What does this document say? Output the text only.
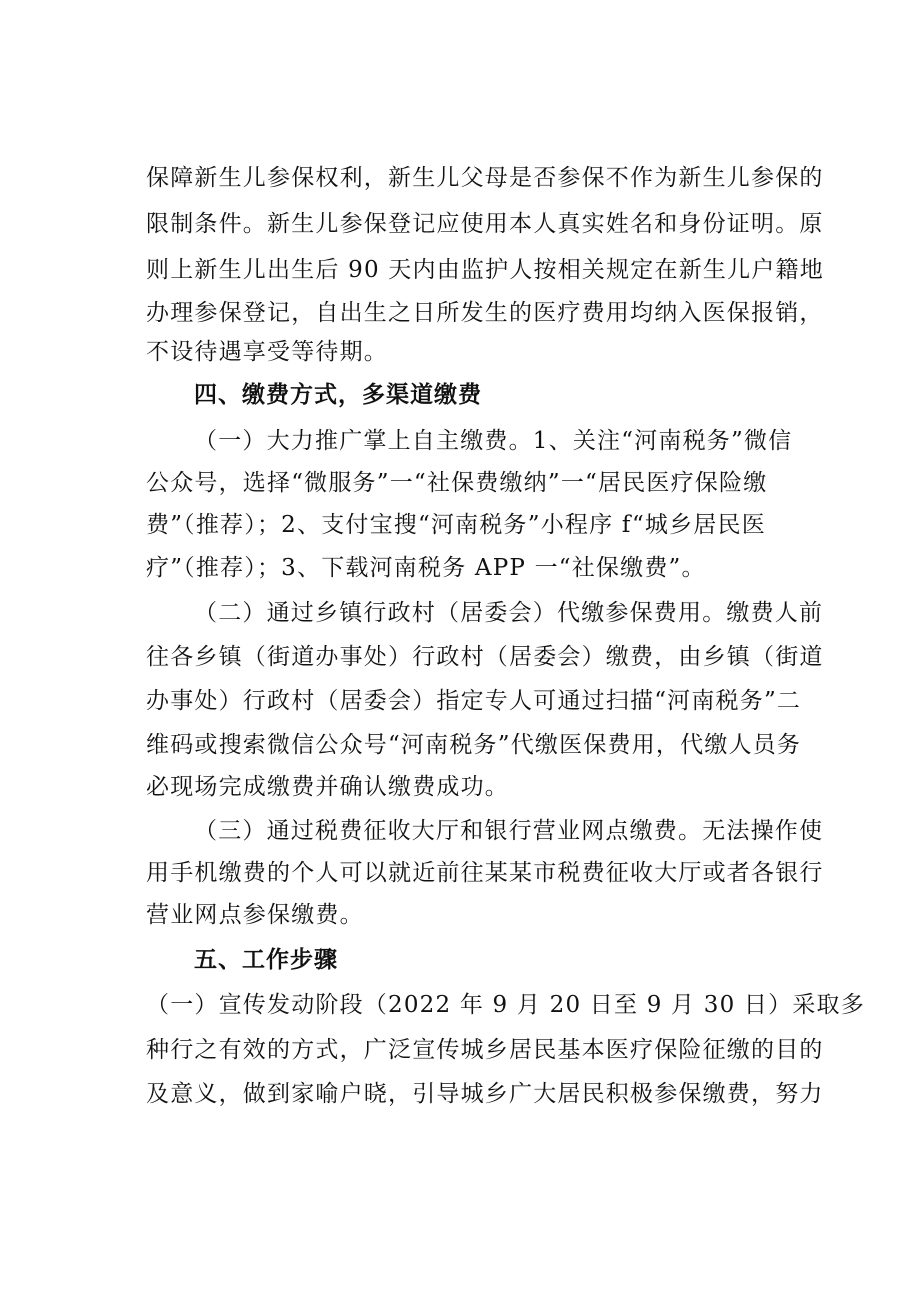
保障新生儿参保权利，新生儿父母是否参保不作为新生儿参保的
限制条件。新生儿参保登记应使用本人真实姓名和身份证明。原
则上新生儿出生后 90 天内由监护人按相关规定在新生儿户籍地
办理参保登记，自出生之日所发生的医疗费用均纳入医保报销，
不设待遇享受等待期。
四、缴费方式，多渠道缴费
（一）大力推广掌上自主缴费。1、关注“河南税务”微信
公众号，选择“微服务”一“社保费缴纳”一“居民医疗保险缴
费”（推荐）；2、支付宝搜“河南税务”小程序 f“城乡居民医
疗”（推荐）；3、下载河南税务 APP 一“社保缴费”。
（二）通过乡镇行政村（居委会）代缴参保费用。缴费人前
往各乡镇（街道办事处）行政村（居委会）缴费，由乡镇（街道
办事处）行政村（居委会）指定专人可通过扫描“河南税务”二
维码或搜索微信公众号“河南税务”代缴医保费用，代缴人员务
必现场完成缴费并确认缴费成功。
（三）通过税费征收大厅和银行营业网点缴费。无法操作使
用手机缴费的个人可以就近前往某某市税费征收大厅或者各银行
营业网点参保缴费。
五、工作步骤
（一）宣传发动阶段（2022 年 9 月 20 日至 9 月 30 日）采取多
种行之有效的方式，广泛宣传城乡居民基本医疗保险征缴的目的
及意义，做到家喻户晓，引导城乡广大居民积极参保缴费，努力
